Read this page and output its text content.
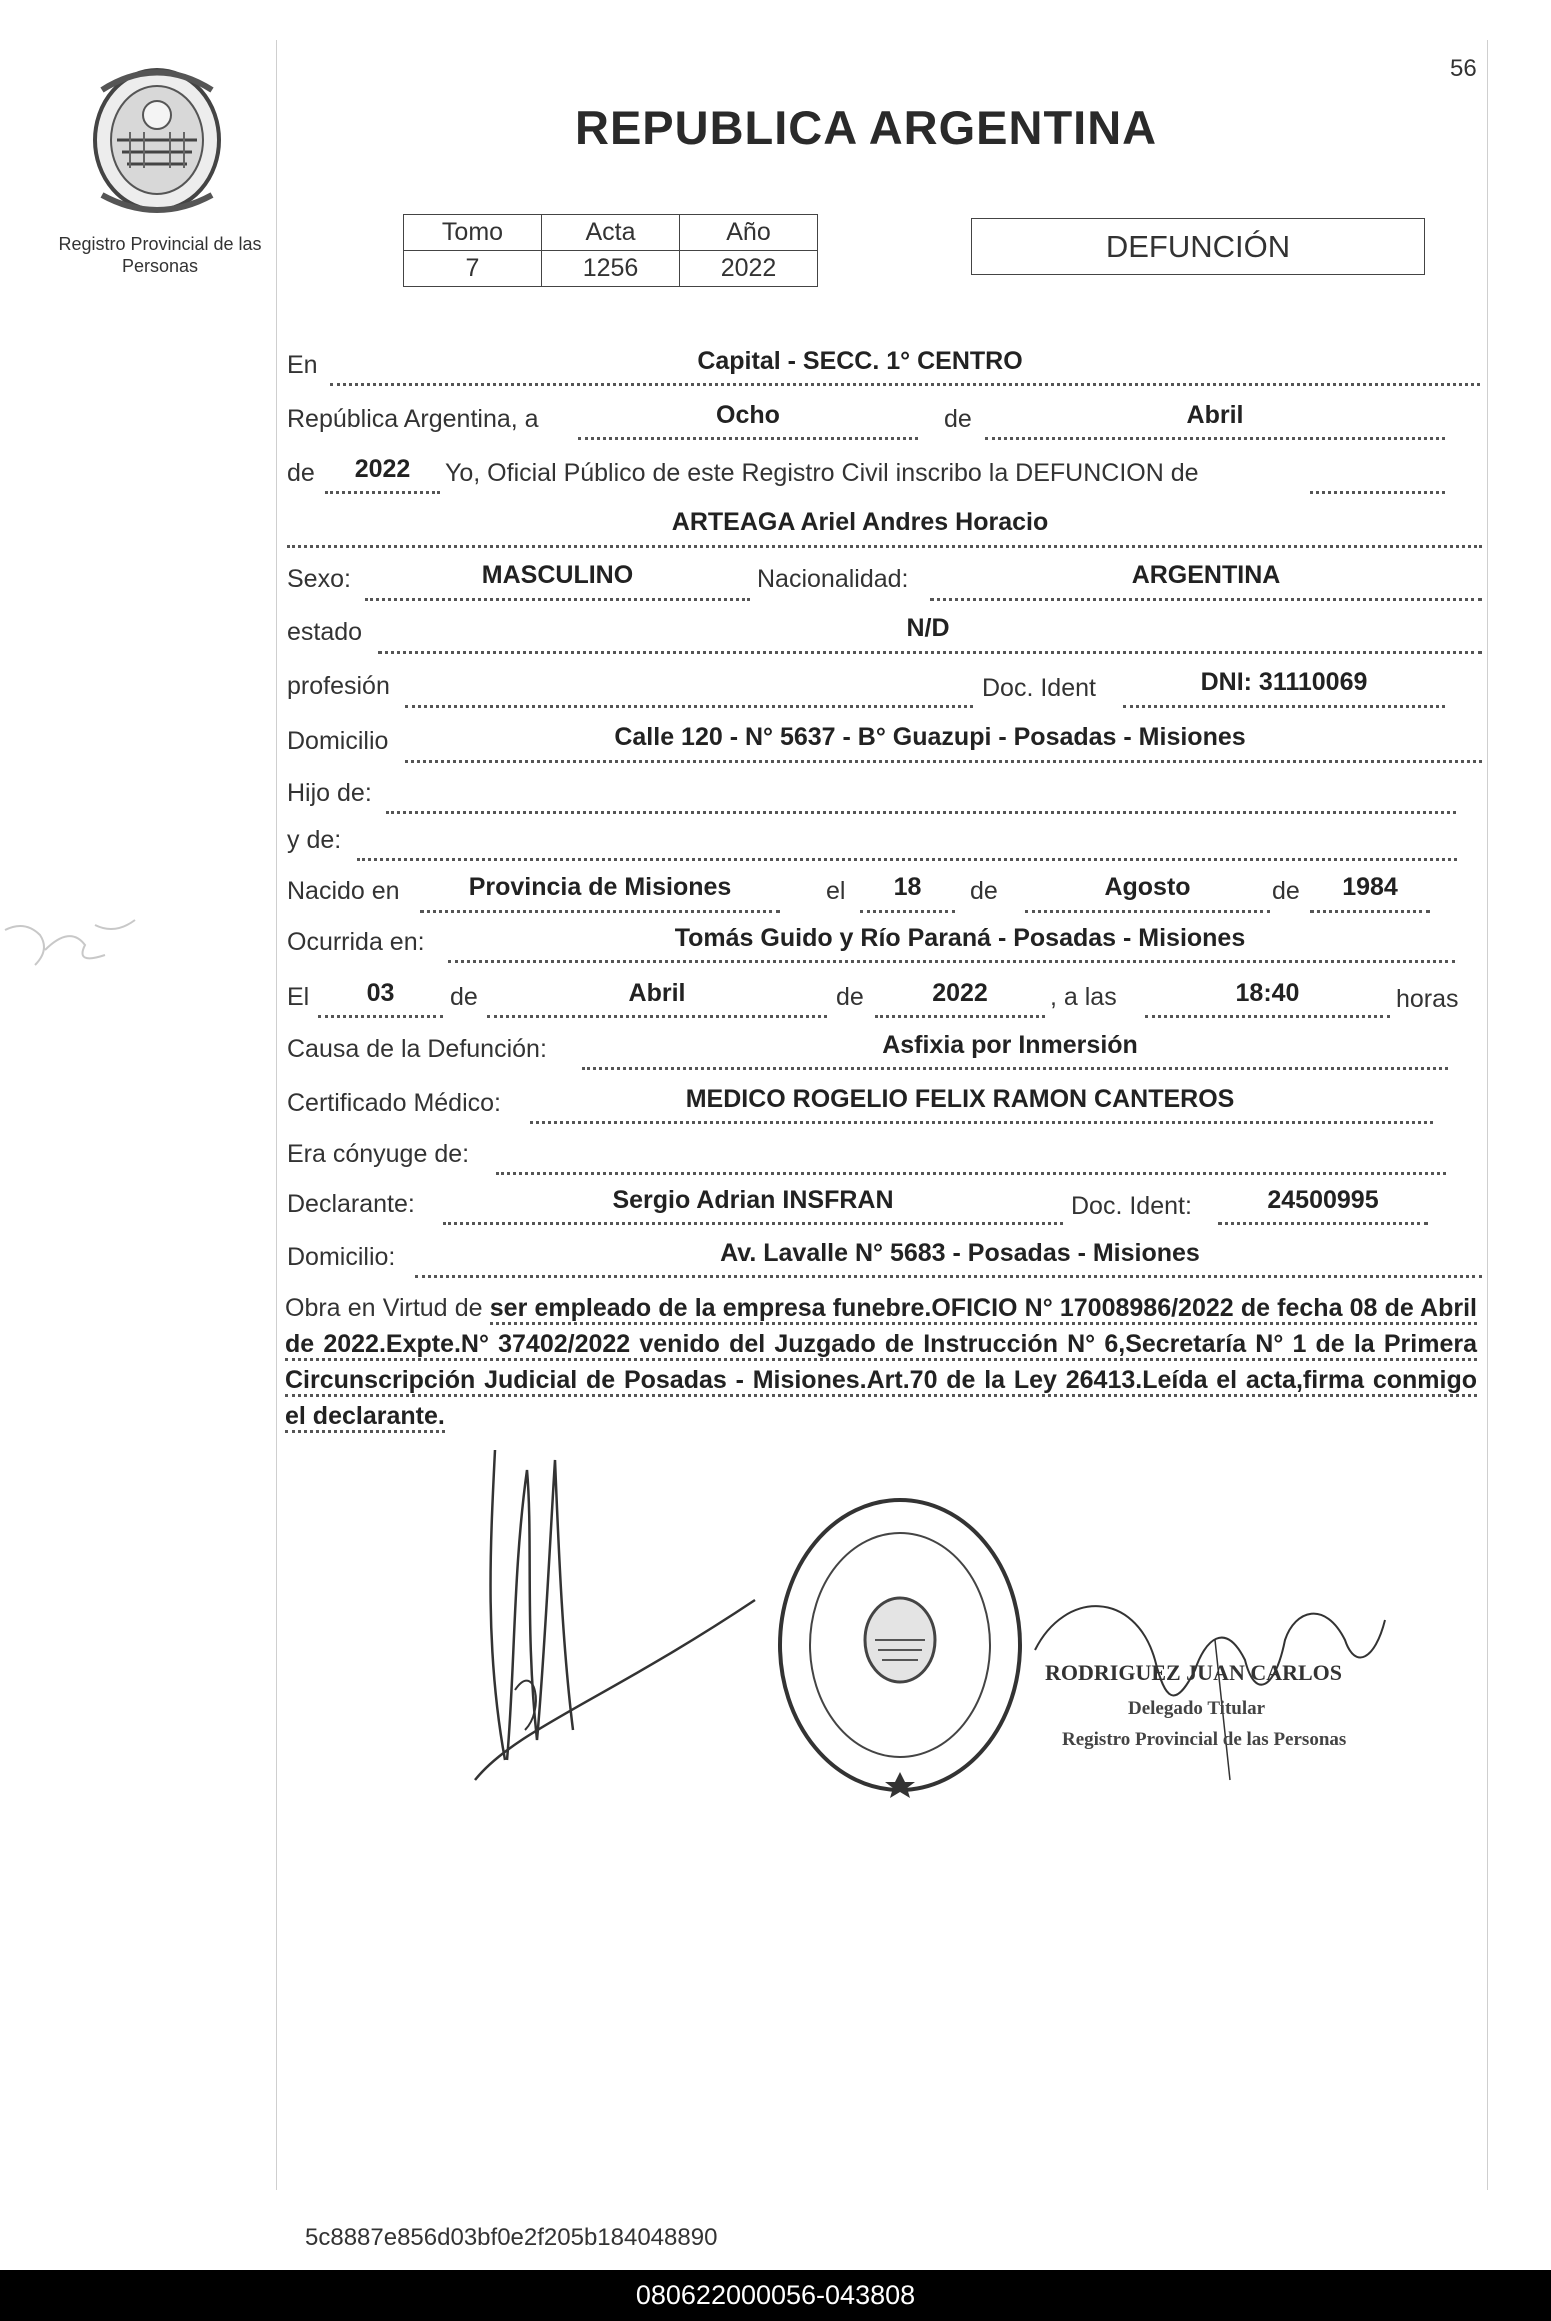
56
Registro Provincial de las Personas
REPUBLICA ARGENTINA
Tomo	Acta	Año
7	1256	2022
DEFUNCIÓN
En	Capital - SECC. 1° CENTRO
República Argentina, a	Ocho	de	Abril
de	2022	Yo, Oficial Público de este Registro Civil inscribo la DEFUNCION de
ARTEAGA Ariel Andres Horacio
Sexo:	MASCULINO	Nacionalidad:	ARGENTINA
estado	N/D
profesión	Doc. Ident	DNI: 31110069
Domicilio	Calle 120 - N° 5637 - B° Guazupi - Posadas - Misiones
Hijo de:
y de:
Nacido en	Provincia de Misiones	el	18	de	Agosto	de	1984
Ocurrida en:	Tomás Guido y Río Paraná - Posadas - Misiones
El	03	de	Abril	de	2022	, a las	18:40	horas
Causa de la Defunción:	Asfixia por Inmersión
Certificado Médico:	MEDICO ROGELIO FELIX RAMON CANTEROS
Era cónyuge de:
Declarante:	Sergio Adrian INSFRAN	Doc. Ident:	24500995
Domicilio:	Av. Lavalle N° 5683 - Posadas - Misiones
Obra en Virtud de ser empleado de la empresa funebre.OFICIO N° 17008986/2022 de fecha 08 de Abril de 2022.Expte.N° 37402/2022 venido del Juzgado de Instrucción N° 6,Secretaría N° 1 de la Primera Circunscripción Judicial de Posadas - Misiones.Art.70 de la Ley 26413.Leída el acta,firma conmigo el declarante.
RODRIGUEZ JUAN CARLOS
Delegado Titular
Registro Provincial de las Personas
5c8887e856d03bf0e2f205b184048890
080622000056-043808
